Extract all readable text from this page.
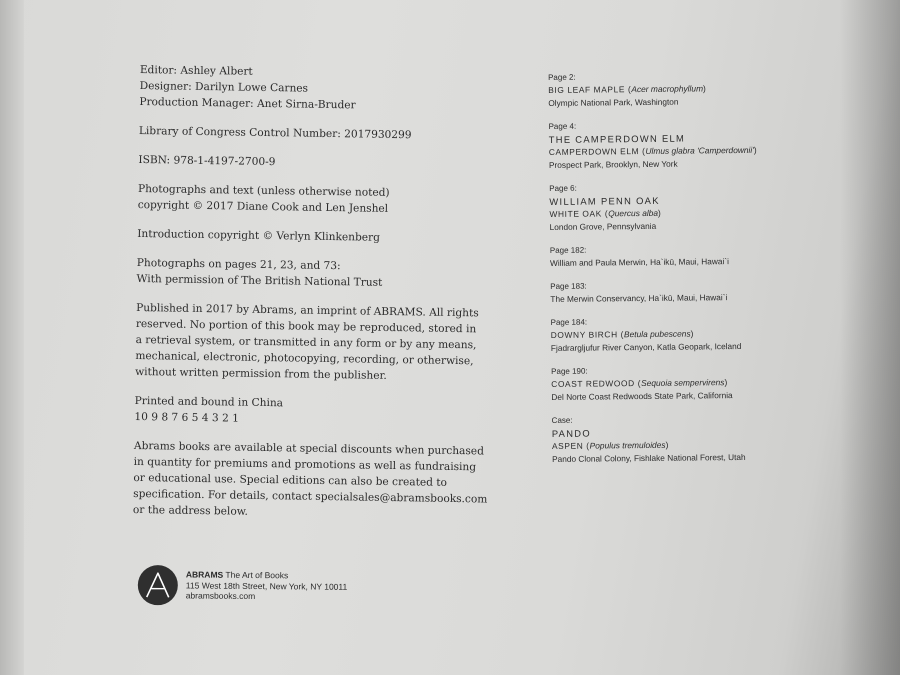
Editor: Ashley Albert
Designer: Darilyn Lowe Carnes
Production Manager: Anet Sirna-Bruder
Library of Congress Control Number: 2017930299
ISBN: 978-1-4197-2700-9
Photographs and text (unless otherwise noted)
copyright © 2017 Diane Cook and Len Jenshel
Introduction copyright © Verlyn Klinkenberg
Photographs on pages 21, 23, and 73:
With permission of The British National Trust
Published in 2017 by Abrams, an imprint of ABRAMS. All rights
reserved. No portion of this book may be reproduced, stored in
a retrieval system, or transmitted in any form or by any means,
mechanical, electronic, photocopying, recording, or otherwise,
without written permission from the publisher.
Printed and bound in China
10 9 8 7 6 5 4 3 2 1
Abrams books are available at special discounts when purchased
in quantity for premiums and promotions as well as fundraising
or educational use. Special editions can also be created to
specification. For details, contact specialsales@abramsbooks.com
or the address below.
Page 2:
BIG LEAF MAPLE (Acer macrophyllum)
Olympic National Park, Washington
Page 4:
THE CAMPERDOWN ELM
CAMPERDOWN ELM (Ulmus glabra 'Camperdownii')
Prospect Park, Brooklyn, New York
Page 6:
WILLIAM PENN OAK
WHITE OAK (Quercus alba)
London Grove, Pennsylvania
Page 182:
William and Paula Merwin, Ha`ikū, Maui, Hawai`i
Page 183:
The Merwin Conservancy, Ha`ikū, Maui, Hawai`i
Page 184:
DOWNY BIRCH (Betula pubescens)
Fjadrargljufur River Canyon, Katla Geopark, Iceland
Page 190:
COAST REDWOOD (Sequoia sempervirens)
Del Norte Coast Redwoods State Park, California
Case:
PANDO
ASPEN (Populus tremuloides)
Pando Clonal Colony, Fishlake National Forest, Utah
ABRAMS The Art of Books
115 West 18th Street, New York, NY 10011
abramsbooks.com
